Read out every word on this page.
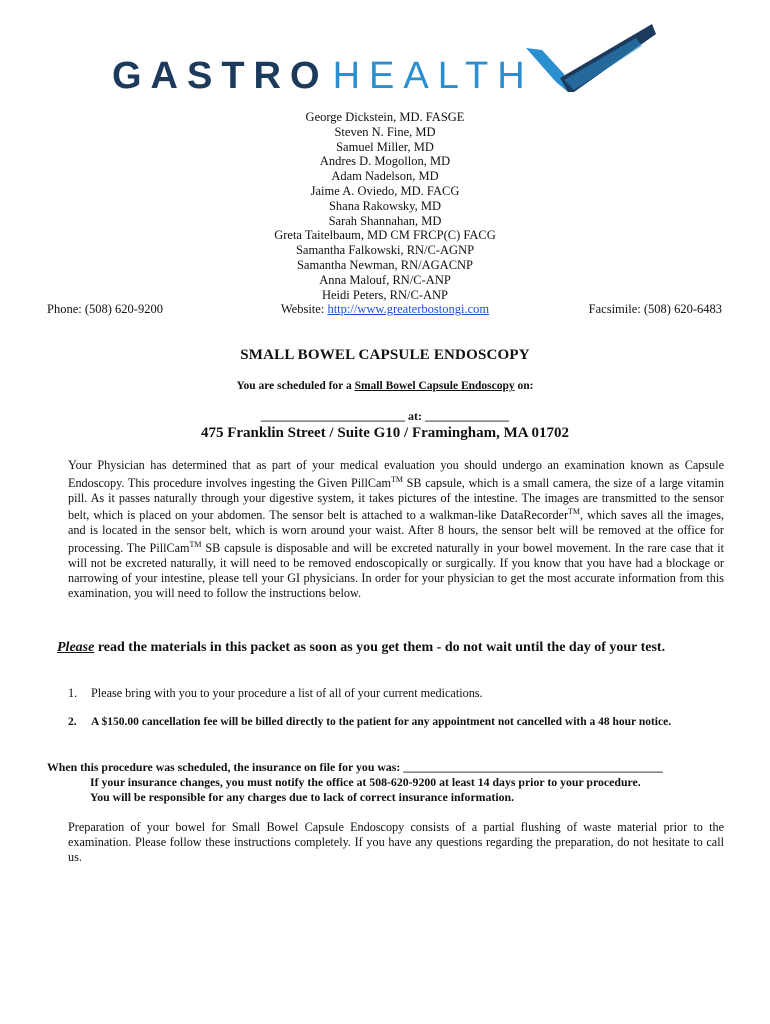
GASTRO HEALTH
George Dickstein, MD. FASGE
Steven N. Fine, MD
Samuel Miller, MD
Andres D. Mogollon, MD
Adam Nadelson, MD
Jaime A. Oviedo, MD. FACG
Shana Rakowsky, MD
Sarah Shannahan, MD
Greta Taitelbaum, MD CM FRCP(C) FACG
Samantha Falkowski, RN/C-AGNP
Samantha Newman, RN/AGACNP
Anna Malouf, RN/C-ANP
Heidi Peters, RN/C-ANP
Website: http://www.greaterbostongi.com
Phone: (508) 620-9200	Facsimile: (508) 620-6483
SMALL BOWEL CAPSULE ENDOSCOPY
You are scheduled for a Small Bowel Capsule Endoscopy on:
________________________ at: ______________
475 Franklin Street / Suite G10 / Framingham, MA 01702
Your Physician has determined that as part of your medical evaluation you should undergo an examination known as Capsule Endoscopy. This procedure involves ingesting the Given PillCam™ SB capsule, which is a small camera, the size of a large vitamin pill. As it passes naturally through your digestive system, it takes pictures of the intestine. The images are transmitted to the sensor belt, which is placed on your abdomen. The sensor belt is attached to a walkman-like DataRecorder™, which saves all the images, and is located in the sensor belt, which is worn around your waist. After 8 hours, the sensor belt will be removed at the office for processing. The PillCam™ SB capsule is disposable and will be excreted naturally in your bowel movement. In the rare case that it will not be excreted naturally, it will need to be removed endoscopically or surgically. If you know that you have had a blockage or narrowing of your intestine, please tell your GI physicians. In order for your physician to get the most accurate information from this examination, you will need to follow the instructions below.
Please read the materials in this packet as soon as you get them - do not wait until the day of your test.
1.	Please bring with you to your procedure a list of all of your current medications.
2.	A $150.00 cancellation fee will be billed directly to the patient for any appointment not cancelled with a 48 hour notice.
When this procedure was scheduled, the insurance on file for you was: ____________________________________________
If your insurance changes, you must notify the office at 508-620-9200 at least 14 days prior to your procedure.
You will be responsible for any charges due to lack of correct insurance information.
Preparation of your bowel for Small Bowel Capsule Endoscopy consists of a partial flushing of waste material prior to the examination. Please follow these instructions completely. If you have any questions regarding the preparation, do not hesitate to call us.
